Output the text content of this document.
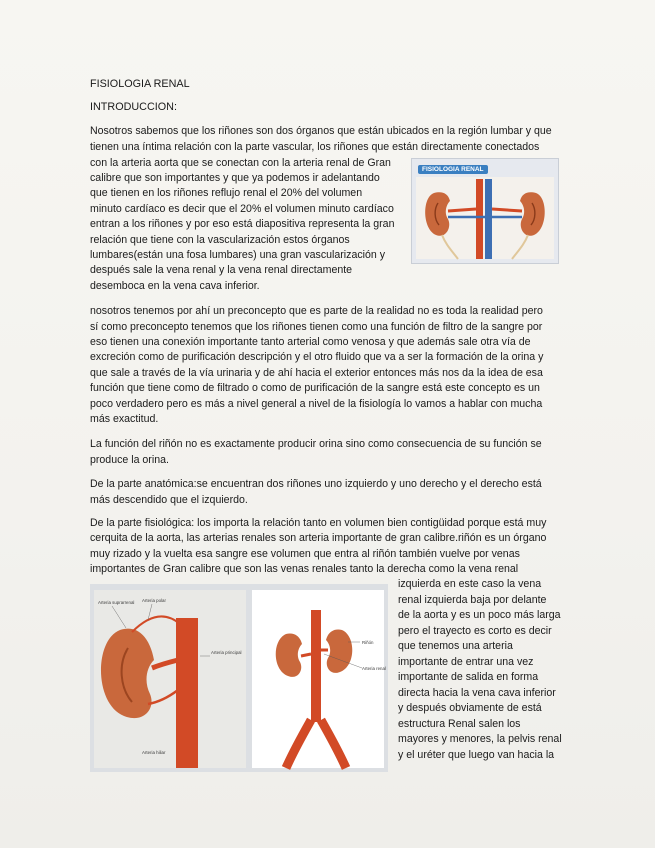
FISIOLOGIA RENAL
INTRODUCCION:
Nosotros sabemos que los riñones son dos órganos que están ubicados en la región lumbar y que
tienen una íntima relación con la parte vascular, los riñones que están directamente conectados
con la arteria aorta que se conectan con la arteria renal de Gran
calibre que son importantes y que ya podemos ir adelantando
que tienen en los riñones reflujo renal el 20% del volumen
minuto cardíaco es decir que el 20% el volumen minuto cardíaco
entran a los riñones y por eso está diapositiva representa la gran
relación que tiene con la vascularización estos órganos
lumbares(están una fosa lumbares) una gran vascularización y
después sale la vena renal y la vena renal directamente
desemboca en la vena cava inferior.
FISIOLOGIA RENAL
nosotros tenemos por ahí un preconcepto que es parte de la realidad no es toda la realidad pero
sí como preconcepto tenemos que los riñones tienen como una función de filtro de la sangre por
eso tienen una conexión importante tanto arterial como venosa y que además sale otra vía de
excreción como de purificación descripción y el otro fluido que va a ser la formación de la orina y
que sale a través de la vía urinaria y de ahí hacia el exterior entonces más nos da la idea de esa
función que tiene como de filtrado o como de purificación de la sangre está este concepto es un
poco verdadero pero es más a nivel general a nivel de la fisiología lo vamos a hablar con mucha
más exactitud.
La función del riñón no es exactamente producir orina sino como consecuencia de su función se
produce la orina.
De la parte anatómica:se encuentran dos riñones uno izquierdo y uno derecho y el derecho está
más descendido que el izquierdo.
De la parte fisiológica: los importa la relación tanto en volumen bien contigüidad porque está muy
cerquita de la aorta, las arterias renales son arteria importante de gran calibre.riñón es un órgano
muy rizado y la vuelta esa sangre ese volumen que entra al riñón también vuelve por venas
importantes de Gran calibre que son las venas renales tanto la derecha como la vena renal
izquierda en este caso la vena
renal izquierda baja por delante
de la aorta y es un poco más larga
pero el trayecto es corto es decir
que tenemos una arteria
importante de entrar una vez
importante de salida en forma
directa hacia la vena cava inferior
y después obviamente de está
estructura Renal salen los
mayores y menores, la pelvis renal
y el uréter que luego van hacia la
Arteria suprarrenal Arteria polar
Arteria principal
Arteria hiliar
Riñón
Arteria renal
